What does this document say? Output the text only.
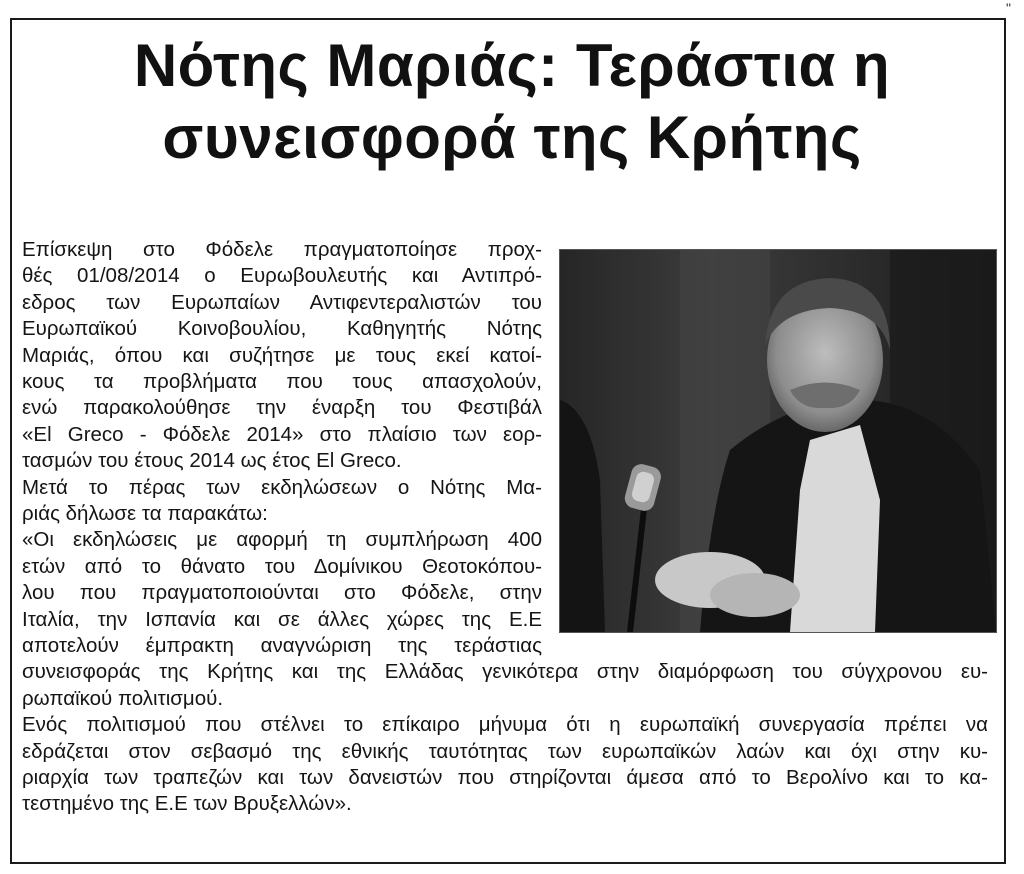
"
Νότης Μαριάς: Τεράστια η
συνεισφορά της Κρήτης
Επίσκεψη στο Φόδελε πραγματοποίησε προχ-
θές 01/08/2014 ο Ευρωβουλευτής και Αντιπρό-
εδρος των Ευρωπαίων Αντιφεντεραλιστών του
Ευρωπαϊκού Κοινοβουλίου, Καθηγητής Νότης
Μαριάς, όπου και συζήτησε με τους εκεί κατοί-
κους τα προβλήματα που τους απασχολούν,
ενώ παρακολούθησε την έναρξη του Φεστιβάλ
«El Greco - Φόδελε 2014» στο πλαίσιο των εορ-
τασμών του έτους 2014 ως έτος El Greco.
Μετά το πέρας των εκδηλώσεων ο Νότης Μα-
ριάς δήλωσε τα παρακάτω:
«Οι εκδηλώσεις με αφορμή τη συμπλήρωση 400
ετών από το θάνατο του Δομίνικου Θεοτοκόπου-
λου που πραγματοποιούνται στο Φόδελε, στην
Ιταλία, την Ισπανία και σε άλλες χώρες της Ε.Ε
αποτελούν έμπρακτη αναγνώριση της τεράστιας
συνεισφοράς της Κρήτης και της Ελλάδας γενικότερα στην διαμόρφωση του σύγχρονου ευ-
ρωπαϊκού πολιτισμού.
Ενός πολιτισμού που στέλνει το επίκαιρο μήνυμα ότι η ευρωπαϊκή συνεργασία πρέπει να
εδράζεται στον σεβασμό της εθνικής ταυτότητας των ευρωπαϊκών λαών και όχι στην κυ-
ριαρχία των τραπεζών και των δανειστών που στηρίζονται άμεσα από το Βερολίνο και το κα-
τεστημένο της Ε.Ε των Βρυξελλών».
